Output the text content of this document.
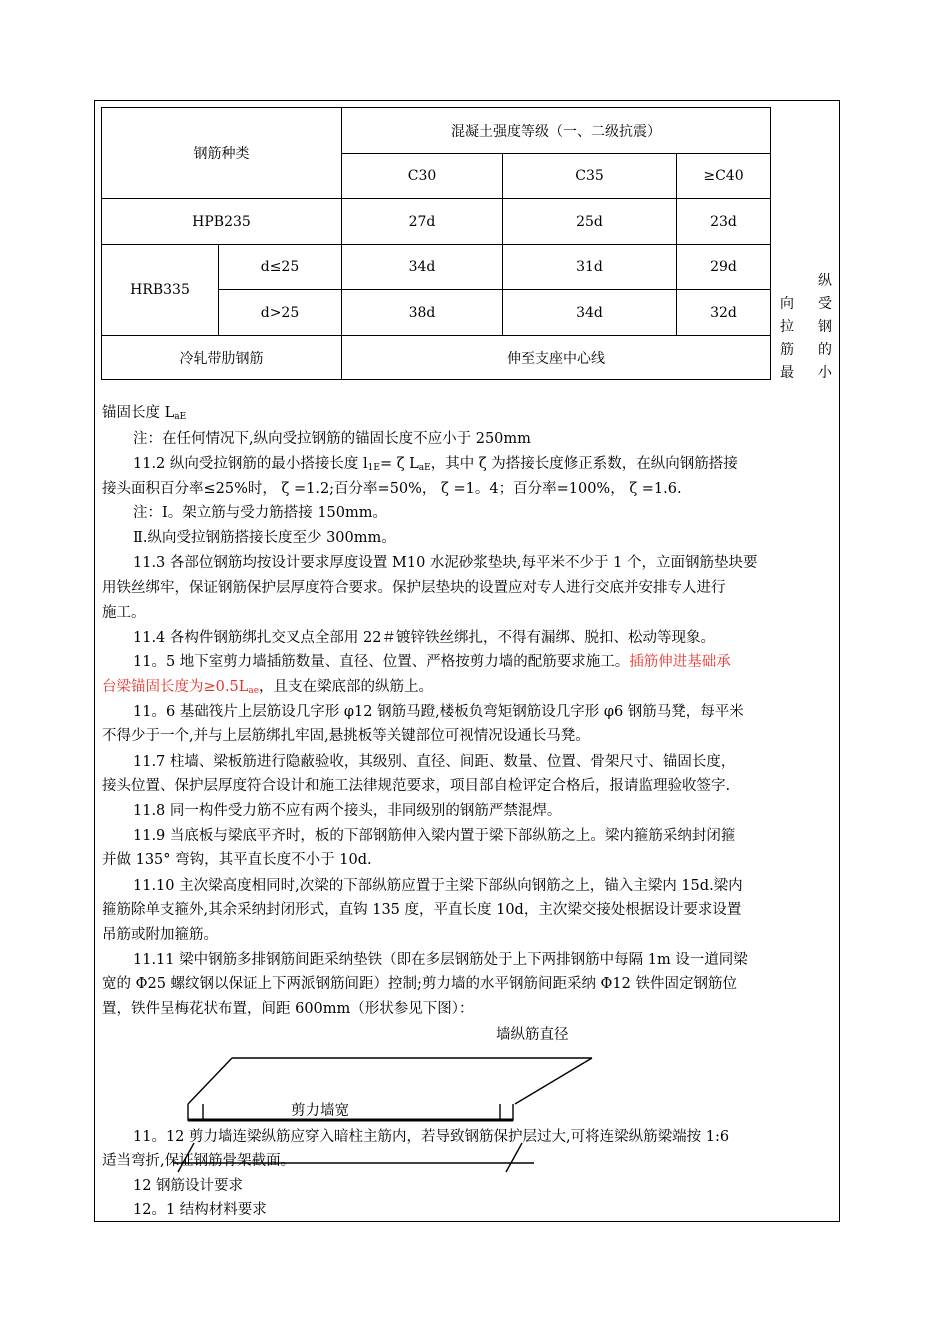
钢筋种类		混凝土强度等级（一、二级抗震）		
		C30	C35	≥C40
HPB235		27d	25d	23d
HRB335	d≤25	34d	31d	29d
	d>25	38d	34d	32d
冷轧带肋钢筋		伸至支座中心线		
纵
向 受
拉 钢
筋 的
最 小
锚固长度 $L_{aE}$
注：在任何情况下,纵向受拉钢筋的锚固长度不应小于 250mm
11.2 纵向受拉钢筋的最小搭接长度 $l_{1E}= \zeta$ $L_{aE}$，其中 ζ 为搭接长度修正系数，在纵向钢筋搭接
接头面积百分率≤25%时， ζ =1.2;百分率=50%， ζ =1。4；百分率=100%， ζ =1.6.
注：Ⅰ。架立筋与受力筋搭接 150mm。
Ⅱ.纵向受拉钢筋搭接长度至少 300mm。
11.3 各部位钢筋均按设计要求厚度设置 M10 水泥砂浆垫块,每平米不少于 1 个，立面钢筋垫块要
用铁丝绑牢，保证钢筋保护层厚度符合要求。保护层垫块的设置应对专人进行交底并安排专人进行
施工。
11.4 各构件钢筋绑扎交叉点全部用 22＃镀锌铁丝绑扎，不得有漏绑、脱扣、松动等现象。
11。5 地下室剪力墙插筋数量、直径、位置、严格按剪力墙的配筋要求施工。插筋伸进基础承
台梁锚固长度为$\ge 0.5L_{ae}$，且支在梁底部的纵筋上。
11。6 基础筏片上层筋设几字形 φ12 钢筋马蹬,楼板负弯矩钢筋设几字形 φ6 钢筋马凳，每平米
不得少于一个,并与上层筋绑扎牢固,悬挑板等关键部位可视情况设通长马凳。
11.7 柱墙、梁板筋进行隐蔽验收，其级别、直径、间距、数量、位置、骨架尺寸、锚固长度，
接头位置、保护层厚度符合设计和施工法律规范要求，项目部自检评定合格后，报请监理验收签字.
11.8 同一构件受力筋不应有两个接头，非同级别的钢筋严禁混焊。
11.9 当底板与梁底平齐时，板的下部钢筋伸入梁内置于梁下部纵筋之上。梁内箍筋采纳封闭箍
并做 135° 弯钩，其平直长度不小于 10d.
11.10 主次梁高度相同时,次梁的下部纵筋应置于主梁下部纵向钢筋之上，锚入主梁内 15d.梁内
箍筋除单支箍外,其余采纳封闭形式，直钩 135 度，平直长度 10d，主次梁交接处根据设计要求设置
吊筋或附加箍筋。
11.11 梁中钢筋多排钢筋间距采纳垫铁（即在多层钢筋处于上下两排钢筋中每隔 1m 设一道同梁
宽的 Φ25 螺纹钢以保证上下两派钢筋间距）控制;剪力墙的水平钢筋间距采纳 Φ12 铁件固定钢筋位
置，铁件呈梅花状布置，间距 600mm（形状参见下图）：
墙纵筋直径
剪力墙宽
11。12 剪力墙连梁纵筋应穿入暗柱主筋内，若导致钢筋保护层过大,可将连梁纵筋梁端按 1:6
适当弯折,保证钢筋骨架截面。
12 钢筋设计要求
12。1 结构材料要求
